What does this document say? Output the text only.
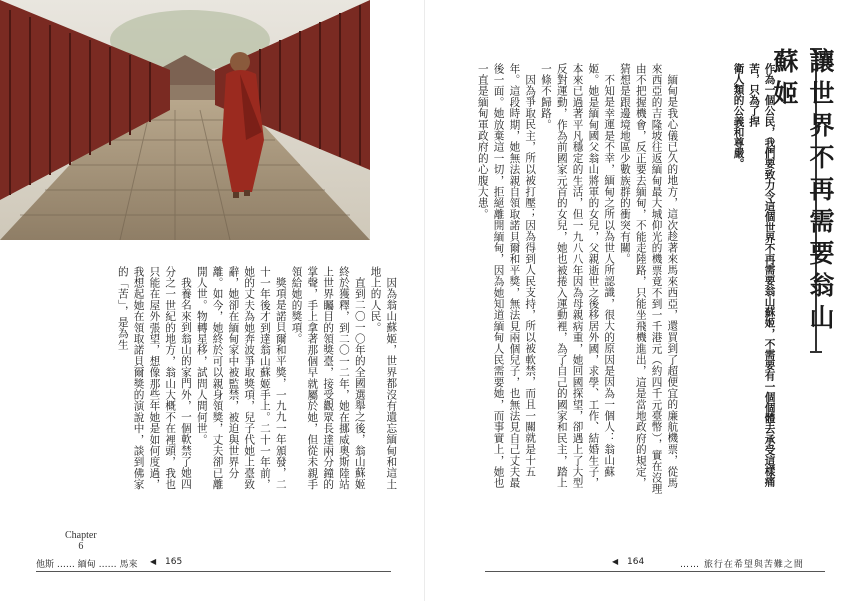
因為翁山蘇姬，世界都沒有遺忘緬甸和這土地上的人民。

直到二〇一〇年的全國選舉之後，翁山蘇姬終於獲釋，到二〇一二年，她在挪威奧斯陸站上世界矚目的領獎臺，接受觀眾長達兩分鐘的掌聲，手上拿著那個早就屬於她，但從未親手領給她的獎項。

獎項是諾貝爾和平獎，一九九一年頒發，二十一年後才到達翁山蘇姬手上。二十一年前，她的丈夫為她奔波爭取獎項，兒子代她上臺致辭，她卻在緬甸家中被監禁，被迫與世界分離。如今，她終於可以親身領獎，丈夫卻已離開人世。物轉星移，試問人間何世。

我養名來到翁山的家門外，一個軟禁了她四分之一世紀的地方，翁山大概不在裡頭，我也只能在屋外張望，想像那些年她是如何度過，我想起她在領取諾貝爾獎的演說中，談到佛家的「苦」，是為生

Chapter
6
他斯 …… 緬甸 …… 馬來 ◀ 165
讓世界不再需要翁山蘇姬

作為一個公民，我們要致力令這個世界不再需要翁山蘇姬，不需要有一個個體去承受這樣痛苦，只為了捍

衛人類的公義和尊嚴。

緬甸是我心儀已久的地方，這次趁著來馬來西亞，還買到了超便宜的廉航機票，從馬來西亞的吉隆坡往返緬甸最大城仰光的機票竟不到一千港元（約四千元臺幣），實在沒理由不把握機會，反正要去緬甸，不能走陸路，只能坐飛機進出，這是當地政府的規定，猜想是跟邊境地區少數族群的衝突有關。

不知是幸運是不幸，緬甸之所以為世人所認識，很大的原因是因為一個人：翁山蘇姬。她是緬甸國父翁山將軍的女兒，父親逝世之後移居外國，求學、工作、結婚生子，本來已過著平凡穩定的生活，但一九八八年因為母親病重，她回國探望，卻遇上了大型反對運動，作為前國家元首的女兒，她也被捲入運動裡，為了自己的國家和民主，踏上一條不歸路。

因為爭取民主，所以被打壓；因為得到人民支持，所以被軟禁，而且一關就是十五年。這段時期，她無法親自領取諾貝爾和平獎，無法見兩個兒子，也無法見自己丈夫最後一面。她放棄這一切，拒絕離開緬甸，因為她知道緬甸人民需要她，而事實上，她也一直是緬甸軍政府的心腹大患。

◀ 164	…… 旅行在希望與苦難之間
